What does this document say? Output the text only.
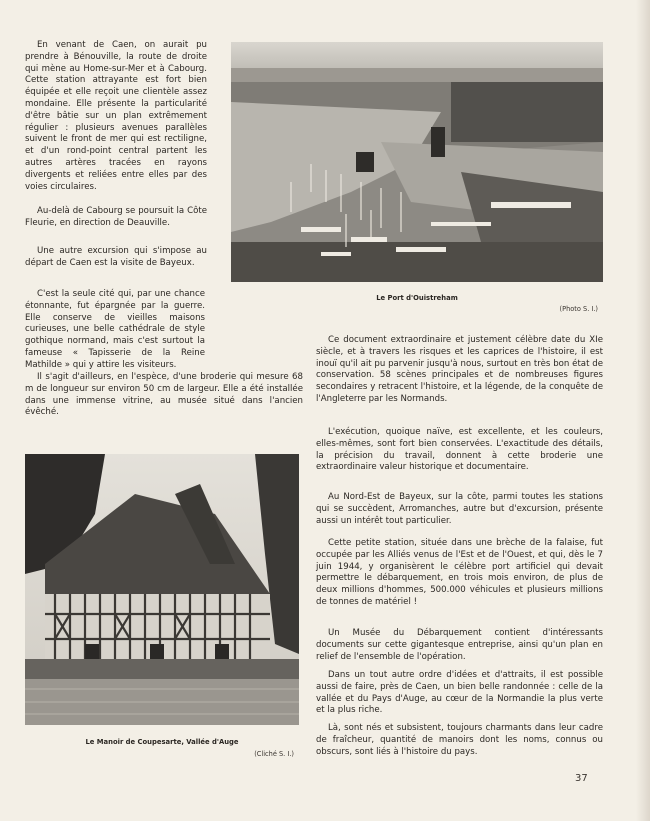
En venant de Caen, on aurait pu prendre à Bénouville, la route de droite qui mène au Home-sur-Mer et à Cabourg. Cette station attrayante est fort bien équipée et elle reçoit une clientèle assez mondaine. Elle présente la particularité d'être bâtie sur un plan extrêmement régulier : plusieurs avenues parallèles suivent le front de mer qui est rectiligne, et d'un rond-point central partent les autres artères tracées en rayons divergents et reliées entre elles par des voies circulaires.

Au-delà de Cabourg se poursuit la Côte Fleurie, en direction de Deauville.

Une autre excursion qui s'impose au départ de Caen est la visite de Bayeux.

C'est la seule cité qui, par une chance étonnante, fut épargnée par la guerre. Elle conserve de vieilles maisons curieuses, une belle cathédrale de style gothique normand, mais c'est surtout la fameuse « Tapisserie de la Reine Mathilde » qui y attire les visiteurs.

Il s'agit d'ailleurs, en l'espèce, d'une broderie qui mesure 68 m de longueur sur environ 50 cm de largeur. Elle a été installée dans une immense vitrine, au musée situé dans l'ancien évêché.

Le Port d'Ouistreham

(Photo S. I.)

Le Manoir de Coupesarte, Vallée d'Auge

(Cliché S. I.)

Ce document extraordinaire et justement célèbre date du XIe siècle, et à travers les risques et les caprices de l'histoire, il est inouï qu'il ait pu parvenir jusqu'à nous, surtout en très bon état de conservation. 58 scènes principales et de nombreuses figures secondaires y retracent l'histoire, et la légende, de la conquête de l'Angleterre par les Normands.

L'exécution, quoique naïve, est excellente, et les couleurs, elles-mêmes, sont fort bien conservées. L'exactitude des détails, la précision du travail, donnent à cette broderie une extraordinaire valeur historique et documentaire.

Au Nord-Est de Bayeux, sur la côte, parmi toutes les stations qui se succèdent, Arromanches, autre but d'excursion, présente aussi un intérêt tout particulier.

Cette petite station, située dans une brèche de la falaise, fut occupée par les Alliés venus de l'Est et de l'Ouest, et qui, dès le 7 juin 1944, y organisèrent le célèbre port artificiel qui devait permettre le débarquement, en trois mois environ, de plus de deux millions d'hommes, 500.000 véhicules et plusieurs millions de tonnes de matériel !

Un Musée du Débarquement contient d'intéressants documents sur cette gigantesque entreprise, ainsi qu'un plan en relief de l'ensemble de l'opération.

Dans un tout autre ordre d'idées et d'attraits, il est possible aussi de faire, près de Caen, un bien belle randonnée : celle de la vallée et du Pays d'Auge, au cœur de la Normandie la plus verte et la plus riche.

Là, sont nés et subsistent, toujours charmants dans leur cadre de fraîcheur, quantité de manoirs dont les noms, connus ou obscurs, sont liés à l'histoire du pays.

37
